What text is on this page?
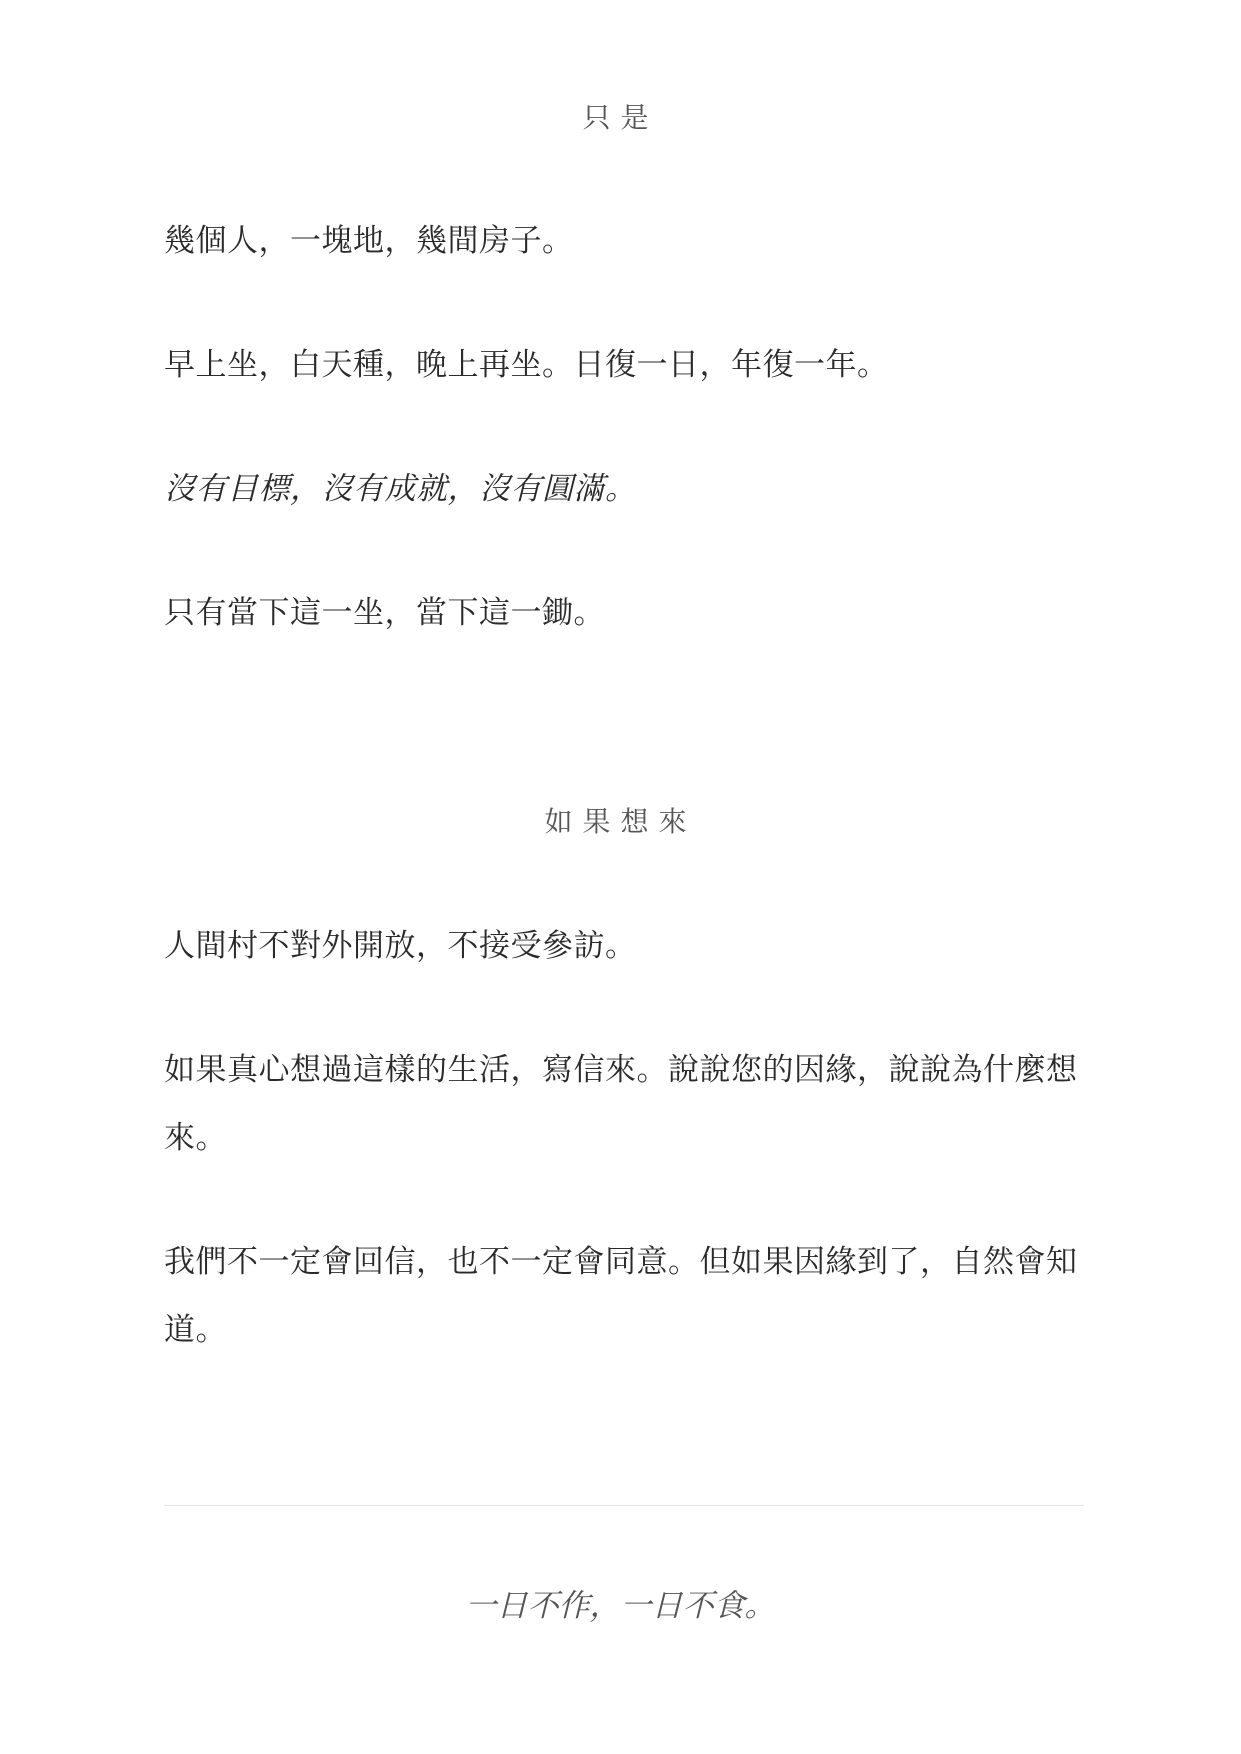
只是

幾個人，一塊地，幾間房子。

早上坐，白天種，晚上再坐。日復一日，年復一年。

沒有目標，沒有成就，沒有圓滿。

只有當下這一坐，當下這一鋤。

如果想來

人間村不對外開放，不接受參訪。

如果真心想過這樣的生活，寫信來。說說您的因緣，說說為什麼想來。

我們不一定會回信，也不一定會同意。但如果因緣到了，自然會知道。

一日不作，一日不食。
